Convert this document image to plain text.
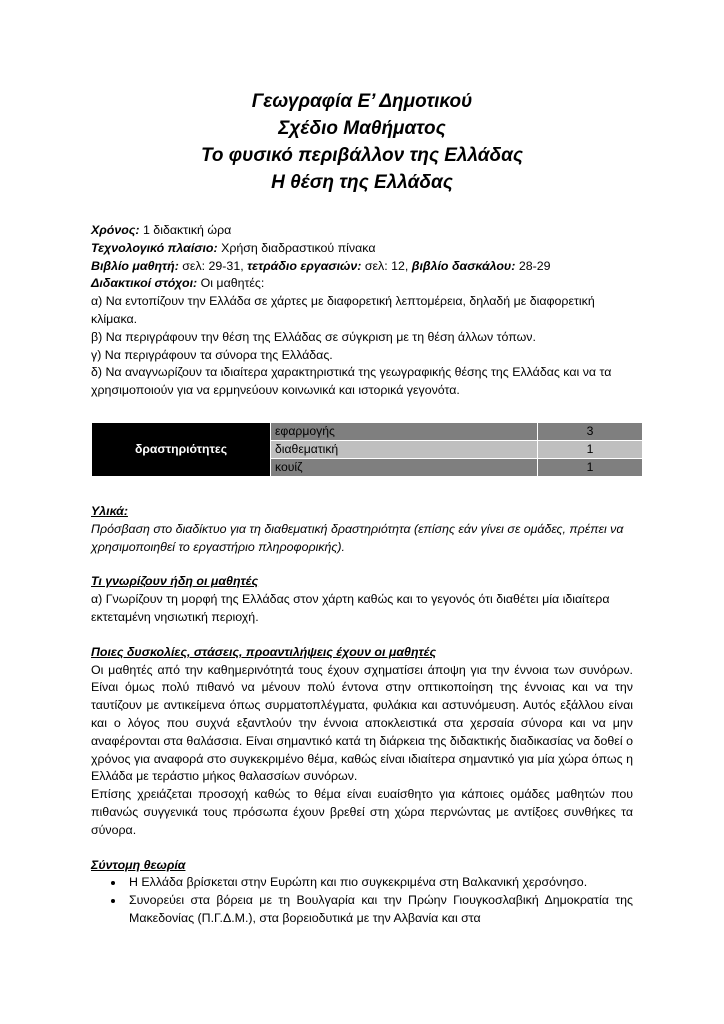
Γεωγραφία Ε’ Δημοτικού
Σχέδιο Μαθήματος
Το φυσικό περιβάλλον της Ελλάδας
Η θέση της Ελλάδας
Χρόνος: 1 διδακτική ώρα
Τεχνολογικό πλαίσιο: Χρήση διαδραστικού πίνακα
Βιβλίο μαθητή: σελ: 29-31, τετράδιο εργασιών: σελ: 12, βιβλίο δασκάλου: 28-29
Διδακτικοί στόχοι: Οι μαθητές:
α) Να εντοπίζουν την Ελλάδα σε χάρτες με διαφορετική λεπτομέρεια, δηλαδή με διαφορετική κλίμακα.
β) Να περιγράφουν την θέση της Ελλάδας σε σύγκριση με τη θέση άλλων τόπων.
γ) Να περιγράφουν τα σύνορα της Ελλάδας.
δ) Να αναγνωρίζουν τα ιδιαίτερα χαρακτηριστικά της γεωγραφικής θέσης της Ελλάδας και να τα χρησιμοποιούν για να ερμηνεύουν κοινωνικά και ιστορικά γεγονότα.
δραστηριότητες	εφαρμογής	3
	διαθεματική	1
	κουίζ	1
Υλικά:
Πρόσβαση στο διαδίκτυο για τη διαθεματική δραστηριότητα (επίσης εάν γίνει σε ομάδες, πρέπει να χρησιμοποιηθεί το εργαστήριο πληροφορικής).
Τι γνωρίζουν ήδη οι μαθητές
α) Γνωρίζουν τη μορφή της Ελλάδας στον χάρτη καθώς και το γεγονός ότι διαθέτει μία ιδιαίτερα εκτεταμένη νησιωτική περιοχή.
Ποιες δυσκολίες, στάσεις, προαντιλήψεις έχουν οι μαθητές
Οι μαθητές από την καθημερινότητά τους έχουν σχηματίσει άποψη για την έννοια των συνόρων. Είναι όμως πολύ πιθανό να μένουν πολύ έντονα στην οπτικοποίηση της έννοιας και να την ταυτίζουν με αντικείμενα όπως συρματοπλέγματα, φυλάκια και αστυνόμευση. Αυτός εξάλλου είναι και ο λόγος που συχνά εξαντλούν την έννοια αποκλειστικά στα χερσαία σύνορα και να μην αναφέρονται στα θαλάσσια. Είναι σημαντικό κατά τη διάρκεια της διδακτικής διαδικασίας να δοθεί ο χρόνος για αναφορά στο συγκεκριμένο θέμα, καθώς είναι ιδιαίτερα σημαντικό για μία χώρα όπως η Ελλάδα με τεράστιο μήκος θαλασσίων συνόρων.
Επίσης χρειάζεται προσοχή καθώς το θέμα είναι ευαίσθητο για κάποιες ομάδες μαθητών που πιθανώς συγγενικά τους πρόσωπα έχουν βρεθεί στη χώρα περνώντας με αντίξοες συνθήκες τα σύνορα.
Σύντομη θεωρία
• Η Ελλάδα βρίσκεται στην Ευρώπη και πιο συγκεκριμένα στη Βαλκανική χερσόνησο.
• Συνορεύει στα βόρεια με τη Βουλγαρία και την Πρώην Γιουγκοσλαβική Δημοκρατία της Μακεδονίας (Π.Γ.Δ.Μ.), στα βορειοδυτικά με την Αλβανία και στα
